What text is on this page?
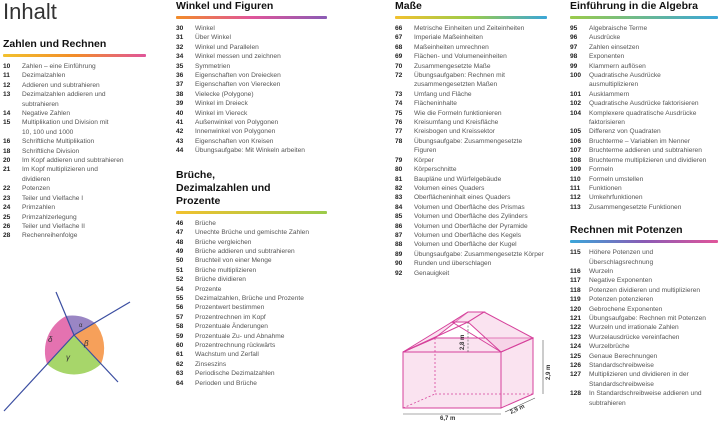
Inhalt
Zahlen und Rechnen
10	Zahlen – eine Einführung
11	Dezimalzahlen
12	Addieren und subtrahieren
13	Dezimalzahlen addieren und subtrahieren
14	Negative Zahlen
15	Multiplikation und Division mit 10, 100 und 1000
16	Schriftliche Multiplikation
18	Schriftliche Division
20	Im Kopf addieren und subtrahieren
21	Im Kopf multiplizieren und dividieren
22	Potenzen
23	Teiler und Vielfache I
24	Primzahlen
25	Primzahlzerlegung
26	Teiler und Vielfache II
28	Rechenreihenfolge
α
β
γ
δ
Winkel und Figuren
30	Winkel
31	Über Winkel
32	Winkel und Parallelen
34	Winkel messen und zeichnen
35	Symmetrien
36	Eigenschaften von Dreiecken
37	Eigenschaften von Vierecken
38	Vielecke (Polygone)
39	Winkel im Dreieck
40	Winkel im Viereck
41	Außenwinkel von Polygonen
42	Innenwinkel von Polygonen
43	Eigenschaften von Kreisen
44	Übungsaufgabe: Mit Winkeln arbeiten
Brüche, Dezimalzahlen und Prozente
46	Brüche
47	Unechte Brüche und gemischte Zahlen
48	Brüche vergleichen
49	Brüche addieren und subtrahieren
50	Bruchteil von einer Menge
51	Brüche multiplizieren
52	Brüche dividieren
54	Prozente
55	Dezimalzahlen, Brüche und Prozente
56	Prozentwert bestimmen
57	Prozentrechnen im Kopf
58	Prozentuale Änderungen
59	Prozentuale Zu- und Abnahme
60	Prozentrechnung rückwärts
61	Wachstum und Zerfall
62	Zinseszins
63	Periodische Dezimalzahlen
64	Perioden und Brüche
Maße
66	Metrische Einheiten und Zeiteinheiten
67	Imperiale Maßeinheiten
68	Maßeinheiten umrechnen
69	Flächen- und Volumeneinheiten
70	Zusammengesetzte Maße
72	Übungsaufgaben: Rechnen mit zusammengesetzten Maßen
73	Umfang und Fläche
74	Flächeninhalte
75	Wie die Formeln funktionieren
76	Kreisumfang und Kreisfläche
77	Kreisbogen und Kreissektor
78	Übungsaufgabe: Zusammengesetzte Figuren
79	Körper
80	Körperschnitte
81	Baupläne und Würfelgebäude
82	Volumen eines Quaders
83	Oberflächeninhalt eines Quaders
84	Volumen und Oberfläche des Prismas
85	Volumen und Oberfläche des Zylinders
86	Volumen und Oberfläche der Pyramide
87	Volumen und Oberfläche des Kegels
88	Volumen und Oberfläche der Kugel
89	Übungsaufgabe: Zusammengesetzte Körper
90	Runden und überschlagen
92	Genauigkeit
2,8 m
2,9 m
6,7 m
2,9 m
Einführung in die Algebra
95	Algebraische Terme
96	Ausdrücke
97	Zahlen einsetzen
98	Exponenten
99	Klammern auflösen
100	Quadratische Ausdrücke ausmultiplizieren
101	Ausklammern
102	Quadratische Ausdrücke faktorisieren
104	Komplexere quadratische Ausdrücke faktorisieren
105	Differenz von Quadraten
106	Bruchterme – Variablen im Nenner
107	Bruchterme addieren und subtrahieren
108	Bruchterme multiplizieren und dividieren
109	Formeln
110	Formeln umstellen
111	Funktionen
112	Umkehrfunktionen
113	Zusammengesetzte Funktionen
Rechnen mit Potenzen
115	Höhere Potenzen und Überschlagsrechnung
116	Wurzeln
117	Negative Exponenten
118	Potenzen dividieren und multiplizieren
119	Potenzen potenzieren
120	Gebrochene Exponenten
121	Übungsaufgabe: Rechnen mit Potenzen
122	Wurzeln und irrationale Zahlen
123	Wurzelausdrücke vereinfachen
124	Wurzelbrüche
125	Genaue Berechnungen
126	Standardschreibweise
127	Multiplizieren und dividieren in der Standardschreibweise
128	In Standardschreibweise addieren und subtrahieren
